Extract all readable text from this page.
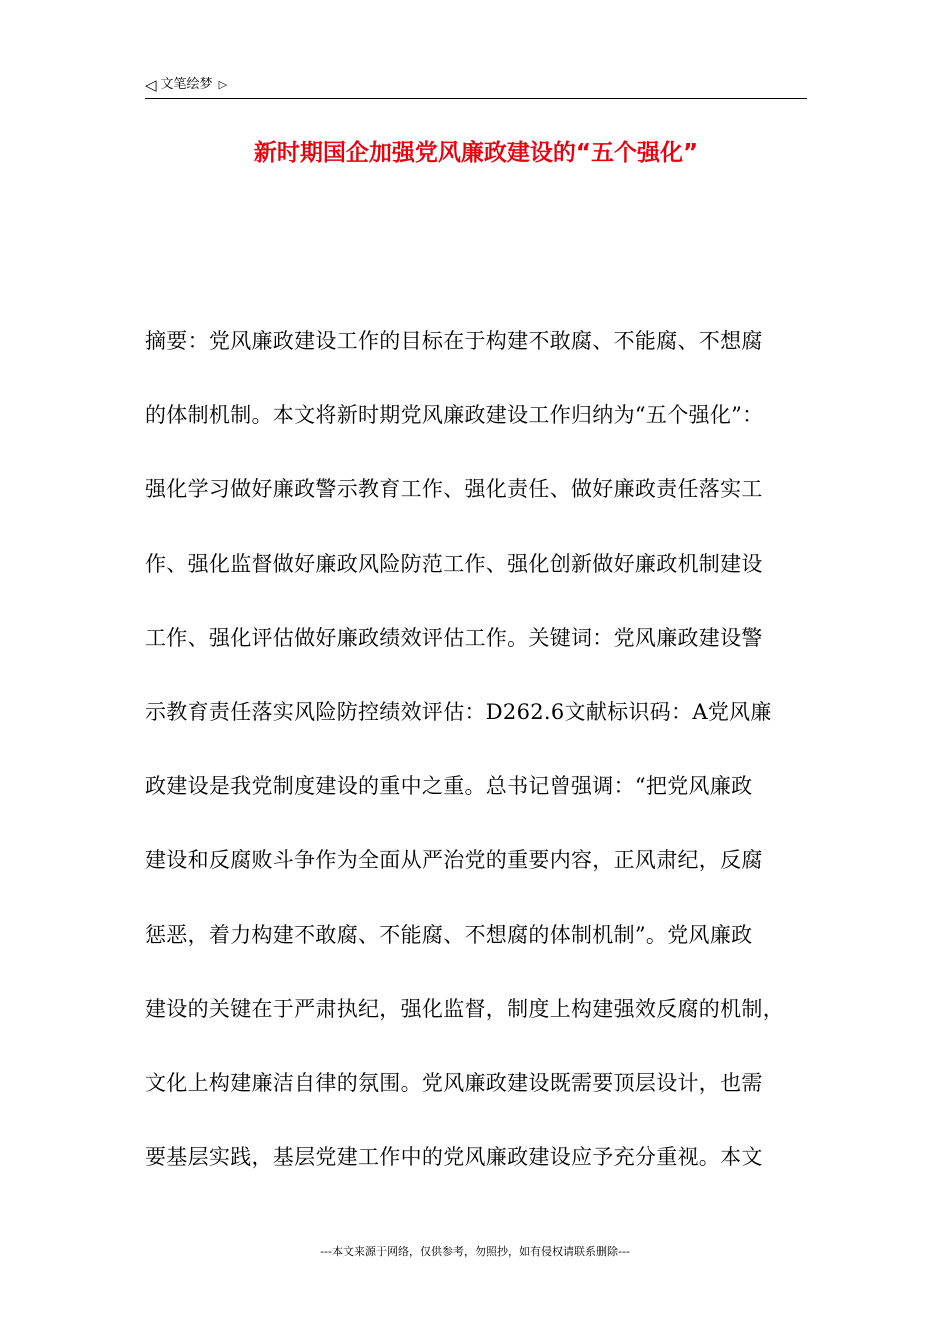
◁ 文笔绘梦 ▷
新时期国企加强党风廉政建设的“五个强化”
摘要：党风廉政建设工作的目标在于构建不敢腐、不能腐、不想腐
的体制机制。本文将新时期党风廉政建设工作归纳为“五个强化”：
强化学习做好廉政警示教育工作、强化责任、做好廉政责任落实工
作、强化监督做好廉政风险防范工作、强化创新做好廉政机制建设
工作、强化评估做好廉政绩效评估工作。关键词：党风廉政建设警
示教育责任落实风险防控绩效评估：D262.6文献标识码：A党风廉
政建设是我党制度建设的重中之重。总书记曾强调：“把党风廉政
建设和反腐败斗争作为全面从严治党的重要内容，正风肃纪，反腐
惩恶，着力构建不敢腐、不能腐、不想腐的体制机制”。党风廉政
建设的关键在于严肃执纪，强化监督，制度上构建强效反腐的机制，
文化上构建廉洁自律的氛围。党风廉政建设既需要顶层设计，也需
要基层实践，基层党建工作中的党风廉政建设应予充分重视。本文
---本文来源于网络，仅供参考，勿照抄，如有侵权请联系删除---
